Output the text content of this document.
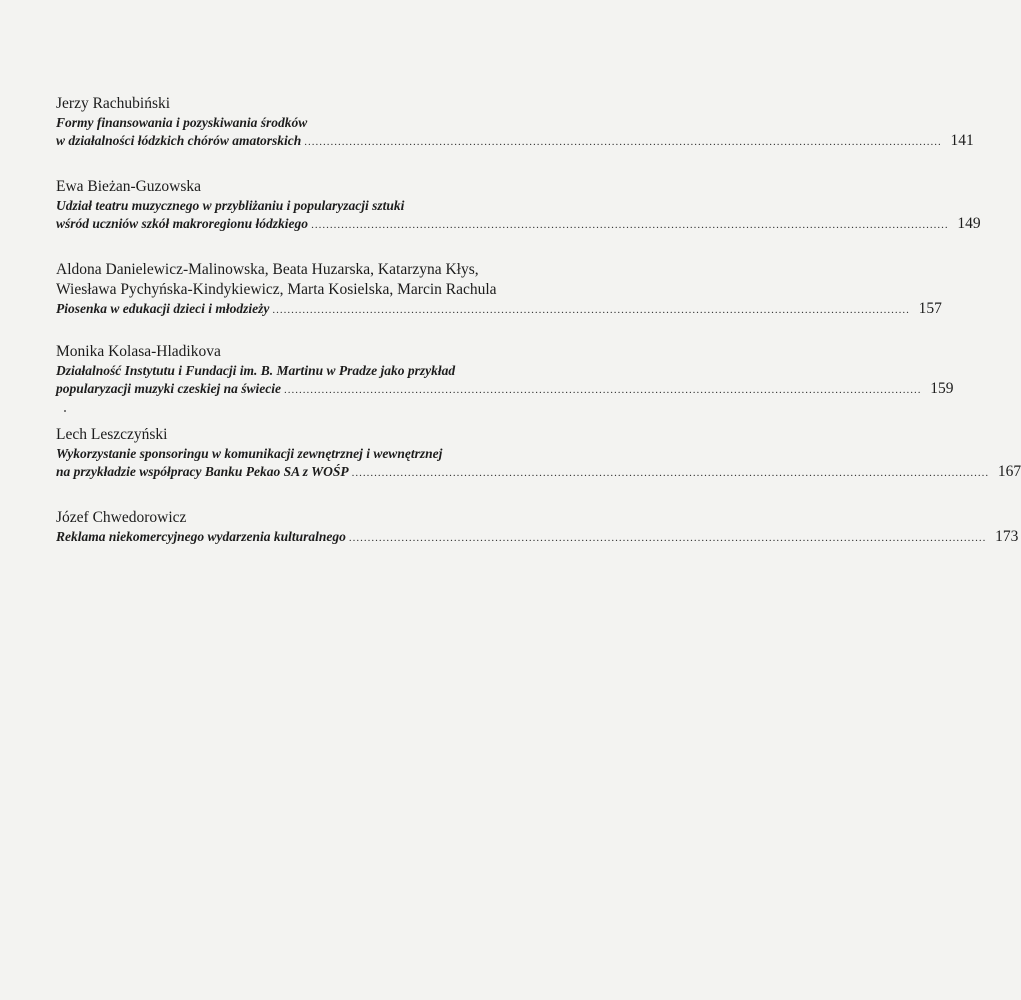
Jerzy Rachubiński
Formy finansowania i pozyskiwania środków
w działalności łódzkich chórów amatorskich .......................................................................................................................................................................... 141
Ewa Bieżan-Guzowska
Udział teatru muzycznego w przybliżaniu i popularyzacji sztuki
wśród uczniów szkół makroregionu łódzkiego .......................................................................................................................................................................... 149
Aldona Danielewicz-Malinowska, Beata Huzarska, Katarzyna Kłys,
Wiesława Pychyńska-Kindykiewicz, Marta Kosielska, Marcin Rachula
Piosenka w edukacji dzieci i młodzieży .......................................................................................................................................................................... 157
Monika Kolasa-Hladikova
Działalność Instytutu i Fundacji im. B. Martinu w Pradze jako przykład
popularyzacji muzyki czeskiej na świecie .......................................................................................................................................................................... 159
Lech Leszczyński
Wykorzystanie sponsoringu w komunikacji zewnętrznej i wewnętrznej
na przykładzie współpracy Banku Pekao SA z WOŚP .......................................................................................................................................................................... 167
Józef Chwedorowicz
Reklama niekomercyjnego wydarzenia kulturalnego .......................................................................................................................................................................... 173
